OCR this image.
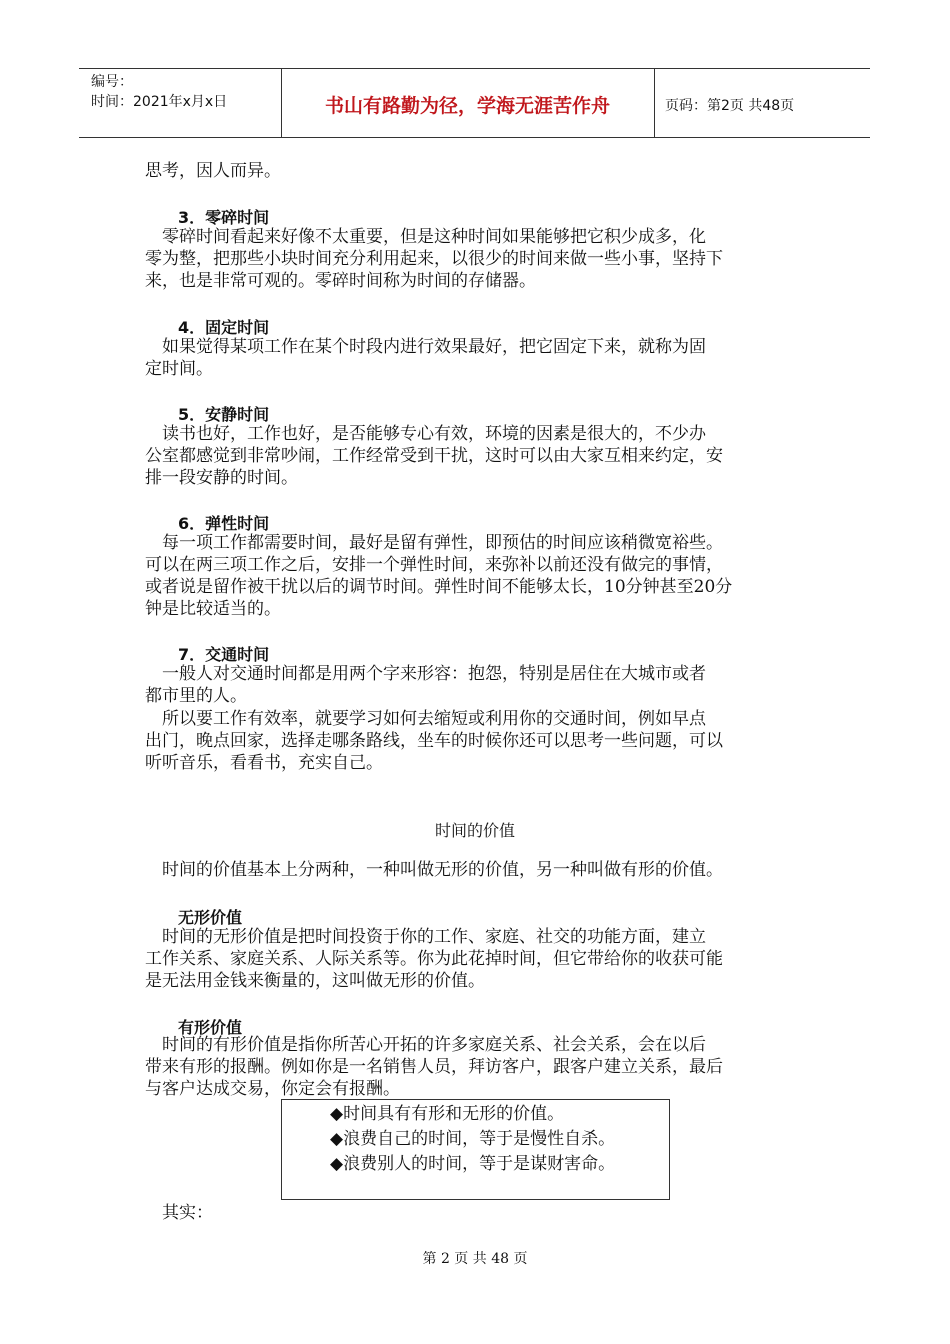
编号：
时间：2021年x月x日	书山有路勤为径，学海无涯苦作舟	页码：第2页 共48页
思考，因人而异。
3．零碎时间
　零碎时间看起来好像不太重要，但是这种时间如果能够把它积少成多，化
零为整，把那些小块时间充分利用起来，以很少的时间来做一些小事，坚持下
来，也是非常可观的。零碎时间称为时间的存储器。
4．固定时间
　如果觉得某项工作在某个时段内进行效果最好，把它固定下来，就称为固
定时间。
5．安静时间
　读书也好，工作也好，是否能够专心有效，环境的因素是很大的，不少办
公室都感觉到非常吵闹，工作经常受到干扰，这时可以由大家互相来约定，安
排一段安静的时间。
6．弹性时间
　每一项工作都需要时间，最好是留有弹性，即预估的时间应该稍微宽裕些。
可以在两三项工作之后，安排一个弹性时间，来弥补以前还没有做完的事情，
或者说是留作被干扰以后的调节时间。弹性时间不能够太长，10分钟甚至20分
钟是比较适当的。
7．交通时间
　一般人对交通时间都是用两个字来形容：抱怨，特别是居住在大城市或者
都市里的人。
　所以要工作有效率，就要学习如何去缩短或利用你的交通时间，例如早点
出门，晚点回家，选择走哪条路线，坐车的时候你还可以思考一些问题，可以
听听音乐，看看书，充实自己。
时间的价值
　时间的价值基本上分两种，一种叫做无形的价值，另一种叫做有形的价值。
无形价值
　时间的无形价值是把时间投资于你的工作、家庭、社交的功能方面，建立
工作关系、家庭关系、人际关系等。你为此花掉时间，但它带给你的收获可能
是无法用金钱来衡量的，这叫做无形的价值。
有形价值
　时间的有形价值是指你所苦心开拓的许多家庭关系、社会关系，会在以后
带来有形的报酬。例如你是一名销售人员，拜访客户，跟客户建立关系，最后
与客户达成交易，你定会有报酬。
◆时间具有有形和无形的价值。
◆浪费自己的时间，等于是慢性自杀。
◆浪费别人的时间，等于是谋财害命。
　其实：
第 2 页 共 48 页
